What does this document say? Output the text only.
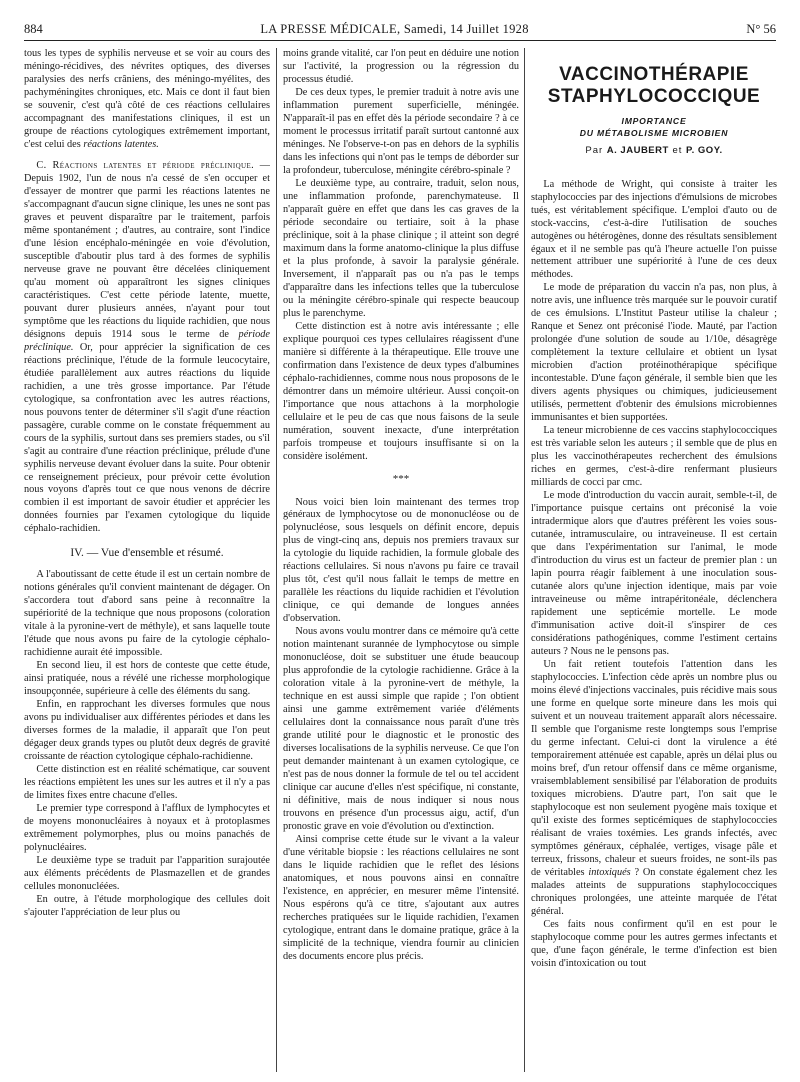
884	LA PRESSE MÉDICALE, Samedi, 14 Juillet 1928	N° 56

tous les types de syphilis nerveuse et se voir au cours des méningo-récidives, des névrites optiques, des diverses paralysies des nerfs crâniens, des méningo-myélites, des pachyméningites chroniques, etc. Mais ce dont il faut bien se souvenir, c'est qu'à côté de ces réactions cellulaires accompagnant des manifestations cliniques, il est un groupe de réactions cytologiques extrêmement important, c'est celui des réactions latentes.

C. Réactions latentes et période préclinique. — Depuis 1902, l'un de nous n'a cessé de s'en occuper et d'essayer de montrer que parmi les réactions latentes ne s'accompagnant d'aucun signe clinique, les unes ne sont pas graves et peuvent disparaître par le traitement, parfois même spontanément ; d'autres, au contraire, sont l'indice d'une lésion encéphalo-méningée en voie d'évolution, susceptible d'aboutir plus tard à des formes de syphilis nerveuse grave ne pouvant être décelées cliniquement qu'au moment où apparaîtront les signes cliniques caractéristiques. C'est cette période latente, muette, pouvant durer plusieurs années, n'ayant pour tout symptôme que les réactions du liquide rachidien, que nous désignons depuis 1914 sous le terme de période préclinique. Or, pour apprécier la signification de ces réactions préclinique, l'étude de la formule leucocytaire, étudiée parallèlement aux autres réactions du liquide rachidien, a une très grosse importance. Par l'étude cytologique, sa confrontation avec les autres réactions, nous pouvons tenter de déterminer s'il s'agit d'une réaction passagère, curable comme on le constate fréquemment au cours de la syphilis, surtout dans ses premiers stades, ou s'il s'agit au contraire d'une réaction préclinique, prélude d'une syphilis nerveuse devant évoluer dans la suite. Pour obtenir ce renseignement précieux, pour prévoir cette évolution nous voyons d'après tout ce que nous venons de décrire combien il est important de savoir étudier et apprécier les données fournies par l'examen cytologique du liquide céphalo-rachidien.

IV. — Vue d'ensemble et résumé.

A l'aboutissant de cette étude il est un certain nombre de notions générales qu'il convient maintenant de dégager. On s'accordera tout d'abord sans peine à reconnaître la supériorité de la technique que nous proposons (coloration vitale à la pyronine-vert de méthyle), et sans laquelle toute l'étude que nous avons pu faire de la cytologie céphalo-rachidienne aurait été impossible.

En second lieu, il est hors de conteste que cette étude, ainsi pratiquée, nous a révélé une richesse morphologique insoupçonnée, supérieure à celle des éléments du sang.

Enfin, en rapprochant les diverses formules que nous avons pu individualiser aux différentes périodes et dans les diverses formes de la maladie, il apparaît que l'on peut dégager deux grands types ou plutôt deux degrés de gravité croissante de réaction cytologique céphalo-rachidienne.

Cette distinction est en réalité schématique, car souvent les réactions empiètent les unes sur les autres et il n'y a pas de limites fixes entre chacune d'elles.

Le premier type correspond à l'afflux de lymphocytes et de moyens mononucléaires à noyaux et à protoplasmes extrêmement polymorphes, plus ou moins panachés de polynucléaires.

Le deuxième type se traduit par l'apparition surajoutée aux éléments précédents de Plasmazellen et de grandes cellules mononucléées.

En outre, à l'étude morphologique des cellules doit s'ajouter l'appréciation de leur plus ou

moins grande vitalité, car l'on peut en déduire une notion sur l'activité, la progression ou la régression du processus étudié.

De ces deux types, le premier traduit à notre avis une inflammation purement superficielle, méningée. N'apparaît-il pas en effet dès la période secondaire ? à ce moment le processus irritatif paraît surtout cantonné aux méninges. Ne l'observe-t-on pas en dehors de la syphilis dans les infections qui n'ont pas le temps de déborder sur la profondeur, tuberculose, méningite cérébro-spinale ?

Le deuxième type, au contraire, traduit, selon nous, une inflammation profonde, parenchymateuse. Il n'apparaît guère en effet que dans les cas graves de la période secondaire ou tertiaire, soit à la phase préclinique, soit à la phase clinique ; il atteint son degré maximum dans la forme anatomo-clinique la plus diffuse et la plus profonde, à savoir la paralysie générale. Inversement, il n'apparaît pas ou n'a pas le temps d'apparaître dans les infections telles que la tuberculose ou la méningite cérébro-spinale qui respecte beaucoup plus le parenchyme.

Cette distinction est à notre avis intéressante ; elle explique pourquoi ces types cellulaires réagissent d'une manière si différente à la thérapeutique. Elle trouve une confirmation dans l'existence de deux types d'albumines céphalo-rachidiennes, comme nous nous proposons de le démontrer dans un mémoire ultérieur. Aussi conçoit-on l'importance que nous attachons à la morphologie cellulaire et le peu de cas que nous faisons de la seule numération, souvent inexacte, d'une interprétation parfois trompeuse et toujours insuffisante si on la considère isolément.

***

Nous voici bien loin maintenant des termes trop généraux de lymphocytose ou de mononucléose ou de polynucléose, sous lesquels on définit encore, depuis plus de vingt-cinq ans, depuis nos premiers travaux sur la cytologie du liquide rachidien, la formule globale des réactions cellulaires. Si nous n'avons pu faire ce travail plus tôt, c'est qu'il nous fallait le temps de mettre en parallèle les réactions du liquide rachidien et l'évolution clinique, ce qui demande de longues années d'observation.

Nous avons voulu montrer dans ce mémoire qu'à cette notion maintenant surannée de lymphocytose ou simple mononucléose, doit se substituer une étude beaucoup plus approfondie de la cytologie rachidienne. Grâce à la coloration vitale à la pyronine-vert de méthyle, la technique en est aussi simple que rapide ; l'on obtient ainsi une gamme extrêmement variée d'éléments cellulaires dont la connaissance nous paraît d'une très grande utilité pour le diagnostic et le pronostic des diverses localisations de la syphilis nerveuse. Ce que l'on peut demander maintenant à un examen cytologique, ce n'est pas de nous donner la formule de tel ou tel accident clinique car aucune d'elles n'est spécifique, ni constante, ni définitive, mais de nous indiquer si nous nous trouvons en présence d'un processus aigu, actif, d'un pronostic grave en voie d'évolution ou d'extinction.

Ainsi comprise cette étude sur le vivant a la valeur d'une véritable biopsie : les réactions cellulaires ne sont dans le liquide rachidien que le reflet des lésions anatomiques, et nous pouvons ainsi en connaître l'existence, en apprécier, en mesurer même l'intensité. Nous espérons qu'à ce titre, s'ajoutant aux autres recherches pratiquées sur le liquide rachidien, l'examen cytologique, entrant dans le domaine pratique, grâce à la simplicité de la technique, viendra fournir au clinicien des documents encore plus précis.

VACCINOTHÉRAPIE
STAPHYLOCOCCIQUE
IMPORTANCE
DU MÉTABOLISME MICROBIEN
Par A. JAUBERT et P. GOY.

La méthode de Wright, qui consiste à traiter les staphylococcies par des injections d'émulsions de microbes tués, est véritablement spécifique. L'emploi d'auto ou de stock-vaccins, c'est-à-dire l'utilisation de souches autogènes ou hétérogènes, donne des résultats sensiblement égaux et il ne semble pas qu'à l'heure actuelle l'on puisse nettement attribuer une supériorité à l'une de ces deux méthodes.

Le mode de préparation du vaccin n'a pas, non plus, à notre avis, une influence très marquée sur le pouvoir curatif de ces émulsions. L'Institut Pasteur utilise la chaleur ; Ranque et Senez ont préconisé l'iode. Mauté, par l'action prolongée d'une solution de soude au 1/10e, désagrège complètement la texture cellulaire et obtient un lysat microbien d'action protéinothérapique spécifique incontestable. D'une façon générale, il semble bien que les divers agents physiques ou chimiques, judicieusement utilisés, permettent d'obtenir des émulsions microbiennes immunisantes et bien supportées.

La teneur microbienne de ces vaccins staphylococciques est très variable selon les auteurs ; il semble que de plus en plus les vaccinothérapeutes recherchent des émulsions riches en germes, c'est-à-dire renfermant plusieurs milliards de cocci par cmc.

Le mode d'introduction du vaccin aurait, semble-t-il, de l'importance puisque certains ont préconisé la voie intradermique alors que d'autres préfèrent les voies sous-cutanée, intramusculaire, ou intraveineuse. Il est certain que dans l'expérimentation sur l'animal, le mode d'introduction du virus est un facteur de premier plan : un lapin pourra réagir faiblement à une inoculation sous-cutanée alors qu'une injection identique, mais par voie intraveineuse ou même intrapéritonéale, déclenchera rapidement une septicémie mortelle. Le mode d'immunisation active doit-il s'inspirer de ces considérations pathogéniques, comme l'estiment certains auteurs ? Nous ne le pensons pas.

Un fait retient toutefois l'attention dans les staphylococcies. L'infection cède après un nombre plus ou moins élevé d'injections vaccinales, puis récidive mais sous une forme en quelque sorte mineure dans les mois qui suivent et un nouveau traitement apparaît alors nécessaire. Il semble que l'organisme reste longtemps sous l'emprise du germe infectant. Celui-ci dont la virulence a été temporairement atténuée est capable, après un délai plus ou moins bref, d'un retour offensif dans ce même organisme, vraisemblablement sensibilisé par l'élaboration de produits toxiques microbiens. D'autre part, l'on sait que le staphylocoque est non seulement pyogène mais toxique et qu'il existe des formes septicémiques de staphylococcies réalisant de vraies toxémies. Les grands infectés, avec symptômes généraux, céphalée, vertiges, visage pâle et terreux, frissons, chaleur et sueurs froides, ne sont-ils pas de véritables intoxiqués ? On constate également chez les malades atteints de suppurations staphylococciques chroniques prolongées, une atteinte marquée de l'état général.

Ces faits nous confirment qu'il en est pour le staphylocoque comme pour les autres germes infectants et que, d'une façon générale, le terme d'infection est bien voisin d'intoxication ou tout
